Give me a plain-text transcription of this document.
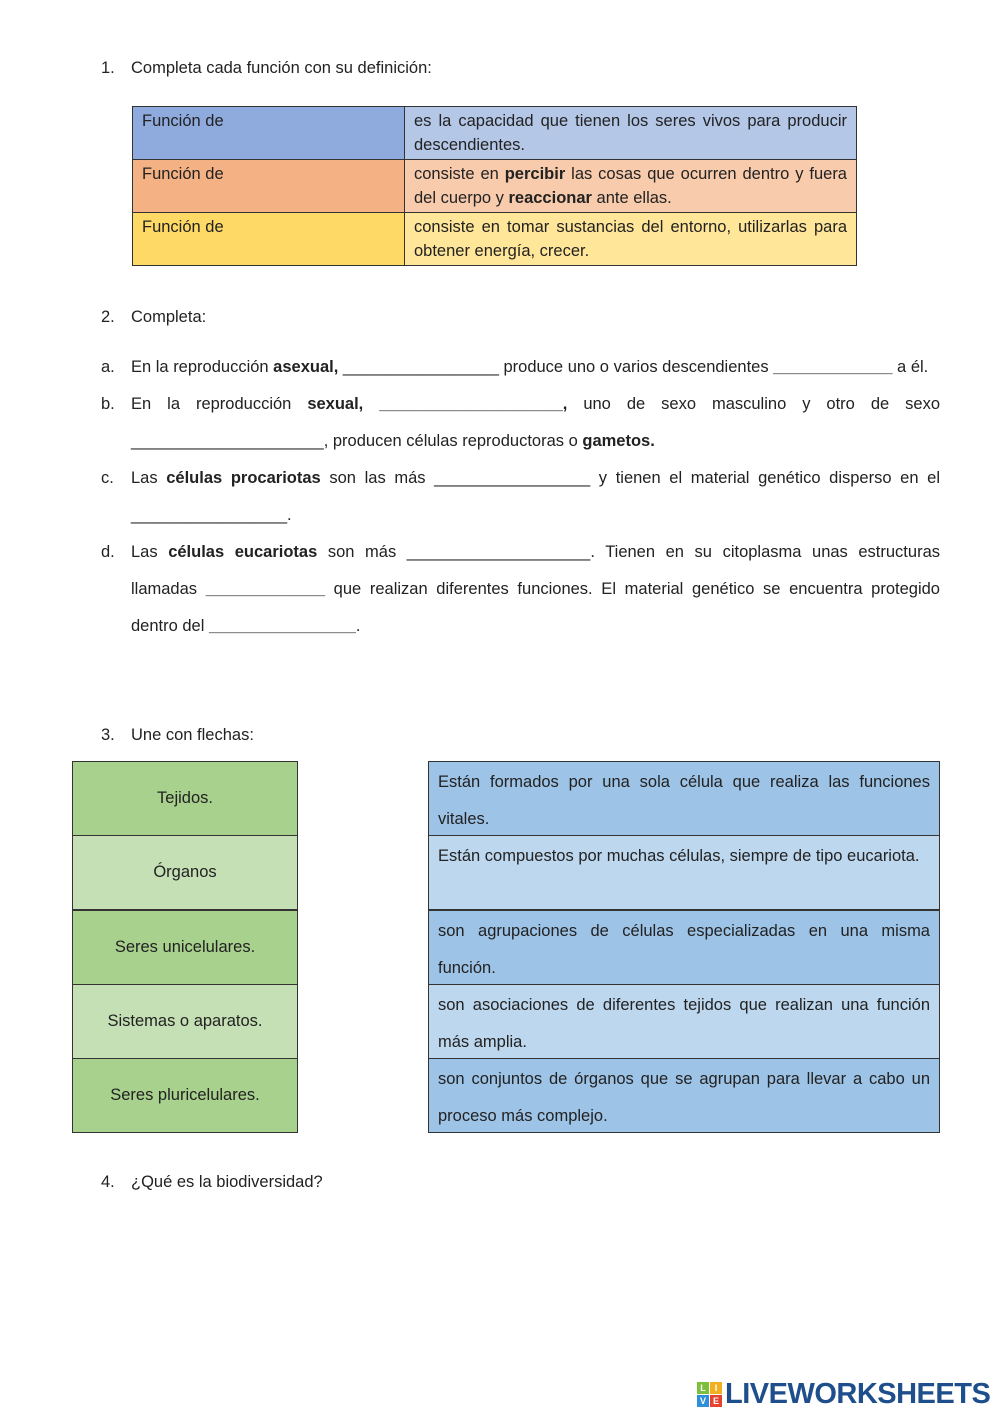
1. Completa cada función con su definición:
Función de	es la capacidad que tienen los seres vivos para producir descendientes.
Función de	consiste en percibir las cosas que ocurren dentro y fuera del cuerpo y reaccionar ante ellas.
Función de	consiste en tomar sustancias del entorno, utilizarlas para obtener energía, crecer.
2. Completa:
a. En la reproducción asexual, _________________ produce uno o varios descendientes _____________ a él.
b. En la reproducción sexual, ____________________, uno de sexo masculino y otro de sexo _____________________, producen células reproductoras o gametos.
c. Las células procariotas son las más _________________ y tienen el material genético disperso en el _________________.
d. Las células eucariotas son más ____________________. Tienen en su citoplasma unas estructuras llamadas _____________ que realizan diferentes funciones. El material genético se encuentra protegido dentro del ________________.
3. Une con flechas:
Tejidos.
Órganos
Seres unicelulares.
Sistemas o aparatos.
Seres pluricelulares.
Están formados por una sola célula que realiza las funciones vitales.
Están compuestos por muchas células, siempre de tipo eucariota.
son agrupaciones de células especializadas en una misma función.
son asociaciones de diferentes tejidos que realizan una función más amplia.
son conjuntos de órganos que se agrupan para llevar a cabo un proceso más complejo.
4. ¿Qué es la biodiversidad?
L I
V E LIVEWORKSHEETS
